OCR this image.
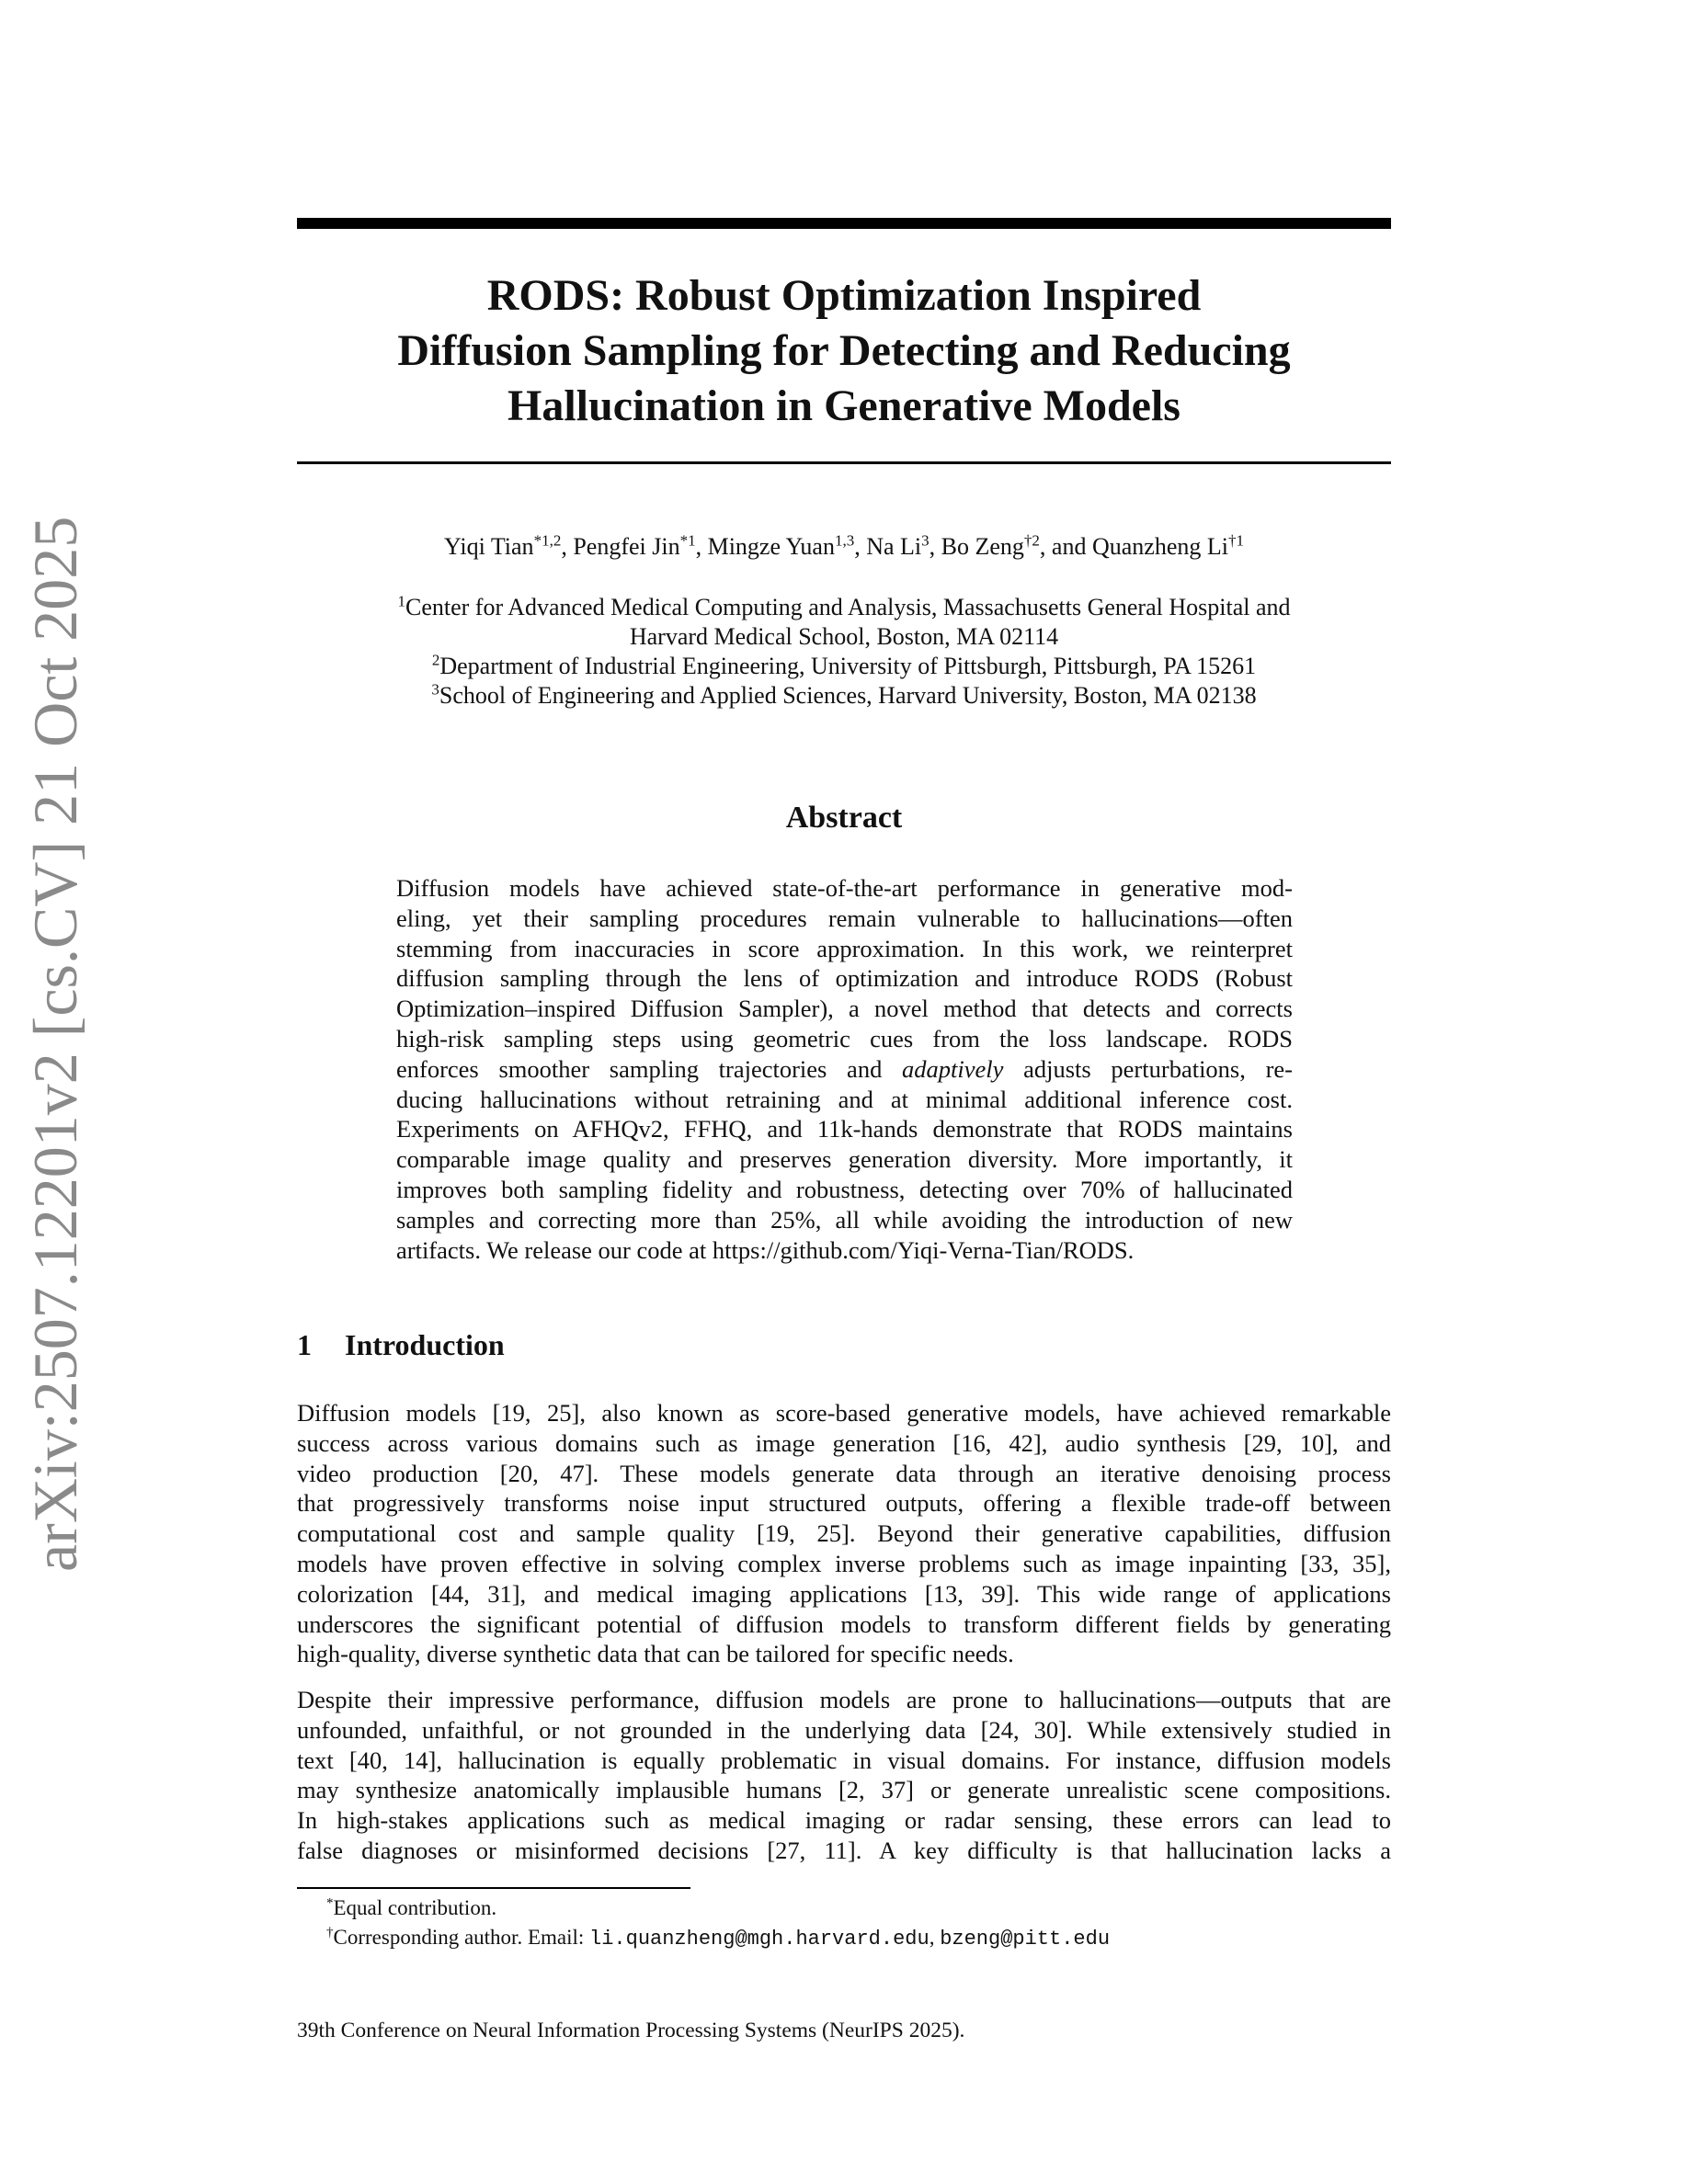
arXiv:2507.12201v2 [cs.CV] 21 Oct 2025
RODS: Robust Optimization Inspired
Diffusion Sampling for Detecting and Reducing
Hallucination in Generative Models
Yiqi Tian$^{*1,2}$, Pengfei Jin$^{*1}$, Mingze Yuan$^{1,3}$, Na Li$^3$, Bo Zeng$^{\dagger 2}$, and Quanzheng Li$^{\dagger 1}$
$^1$Center for Advanced Medical Computing and Analysis, Massachusetts General Hospital and
Harvard Medical School, Boston, MA 02114
$^2$Department of Industrial Engineering, University of Pittsburgh, Pittsburgh, PA 15261
$^3$School of Engineering and Applied Sciences, Harvard University, Boston, MA 02138
Abstract
Diffusion models have achieved state-of-the-art performance in generative mod-
eling, yet their sampling procedures remain vulnerable to hallucinations—often
stemming from inaccuracies in score approximation. In this work, we reinterpret
diffusion sampling through the lens of optimization and introduce RODS (Robust
Optimization–inspired Diffusion Sampler), a novel method that detects and corrects
high-risk sampling steps using geometric cues from the loss landscape. RODS
enforces smoother sampling trajectories and adaptively adjusts perturbations, re-
ducing hallucinations without retraining and at minimal additional inference cost.
Experiments on AFHQv2, FFHQ, and 11k-hands demonstrate that RODS maintains
comparable image quality and preserves generation diversity. More importantly, it
improves both sampling fidelity and robustness, detecting over 70% of hallucinated
samples and correcting more than 25%, all while avoiding the introduction of new
artifacts. We release our code at https://github.com/Yiqi-Verna-Tian/RODS.
1 Introduction
Diffusion models [19, 25], also known as score-based generative models, have achieved remarkable
success across various domains such as image generation [16, 42], audio synthesis [29, 10], and
video production [20, 47]. These models generate data through an iterative denoising process
that progressively transforms noise input structured outputs, offering a flexible trade-off between
computational cost and sample quality [19, 25]. Beyond their generative capabilities, diffusion
models have proven effective in solving complex inverse problems such as image inpainting [33, 35],
colorization [44, 31], and medical imaging applications [13, 39]. This wide range of applications
underscores the significant potential of diffusion models to transform different fields by generating
high-quality, diverse synthetic data that can be tailored for specific needs.
Despite their impressive performance, diffusion models are prone to hallucinations—outputs that are
unfounded, unfaithful, or not grounded in the underlying data [24, 30]. While extensively studied in
text [40, 14], hallucination is equally problematic in visual domains. For instance, diffusion models
may synthesize anatomically implausible humans [2, 37] or generate unrealistic scene compositions.
In high-stakes applications such as medical imaging or radar sensing, these errors can lead to
false diagnoses or misinformed decisions [27, 11]. A key difficulty is that hallucination lacks a
*Equal contribution.
†Corresponding author. Email: li.quanzheng@mgh.harvard.edu, bzeng@pitt.edu
39th Conference on Neural Information Processing Systems (NeurIPS 2025).
